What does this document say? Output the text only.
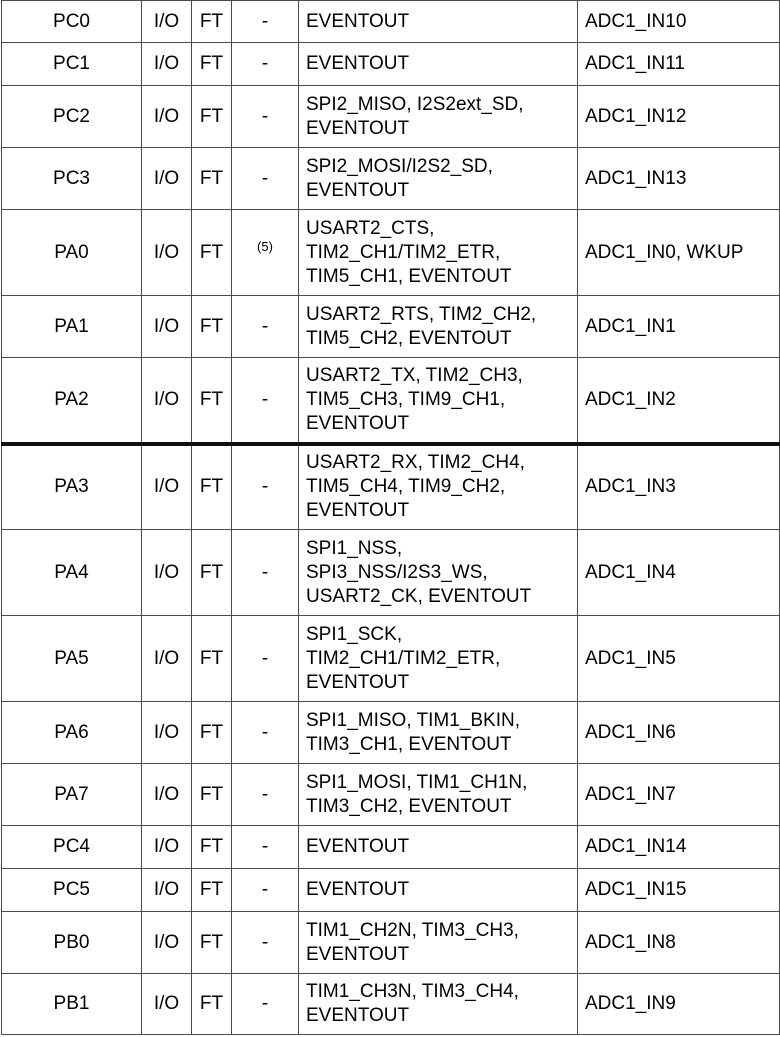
PC0	I/O	FT	-	EVENTOUT	ADC1_IN10
PC1	I/O	FT	-	EVENTOUT	ADC1_IN11
PC2	I/O	FT	-	SPI2_MISO, I2S2ext_SD,
EVENTOUT	ADC1_IN12
PC3	I/O	FT	-	SPI2_MOSI/I2S2_SD,
EVENTOUT	ADC1_IN13
PA0	I/O	FT	$^{(5)}$	USART2_CTS,
TIM2_CH1/TIM2_ETR,
TIM5_CH1, EVENTOUT	ADC1_IN0, WKUP
PA1	I/O	FT	-	USART2_RTS, TIM2_CH2,
TIM5_CH2, EVENTOUT	ADC1_IN1
PA2	I/O	FT	-	USART2_TX, TIM2_CH3,
TIM5_CH3, TIM9_CH1,
EVENTOUT	ADC1_IN2
PA3	I/O	FT	-	USART2_RX, TIM2_CH4,
TIM5_CH4, TIM9_CH2,
EVENTOUT	ADC1_IN3
PA4	I/O	FT	-	SPI1_NSS,
SPI3_NSS/I2S3_WS,
USART2_CK, EVENTOUT	ADC1_IN4
PA5	I/O	FT	-	SPI1_SCK,
TIM2_CH1/TIM2_ETR,
EVENTOUT	ADC1_IN5
PA6	I/O	FT	-	SPI1_MISO, TIM1_BKIN,
TIM3_CH1, EVENTOUT	ADC1_IN6
PA7	I/O	FT	-	SPI1_MOSI, TIM1_CH1N,
TIM3_CH2, EVENTOUT	ADC1_IN7
PC4	I/O	FT	-	EVENTOUT	ADC1_IN14
PC5	I/O	FT	-	EVENTOUT	ADC1_IN15
PB0	I/O	FT	-	TIM1_CH2N, TIM3_CH3,
EVENTOUT	ADC1_IN8
PB1	I/O	FT	-	TIM1_CH3N, TIM3_CH4,
EVENTOUT	ADC1_IN9
